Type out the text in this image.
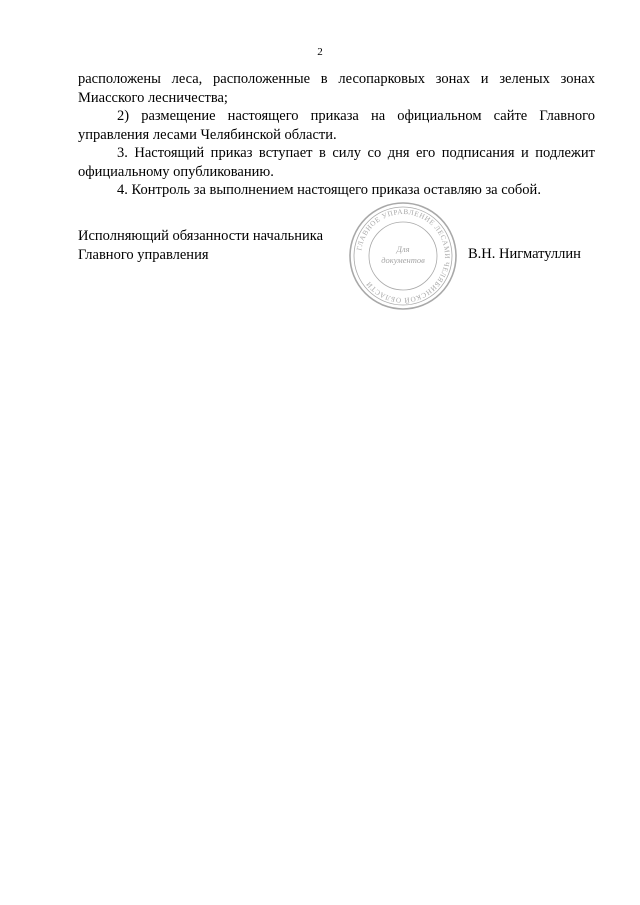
2

расположены леса, расположенные в лесопарковых зонах и зеленых зонах Миасского лесничества;

2) размещение настоящего приказа на официальном сайте Главного управления лесами Челябинской области.

3. Настоящий приказ вступает в силу со дня его подписания и подлежит официальному опубликованию.

4. Контроль за выполнением настоящего приказа оставляю за собой.

Исполняющий обязанности начальника
Главного управления	ГЛАВНОЕ УПРАВЛЕНИЕ ЛЕСАМИ ЧЕЛЯБИНСКОЙ ОБЛАСТИ
Для
документов	В.Н. Нигматуллин
